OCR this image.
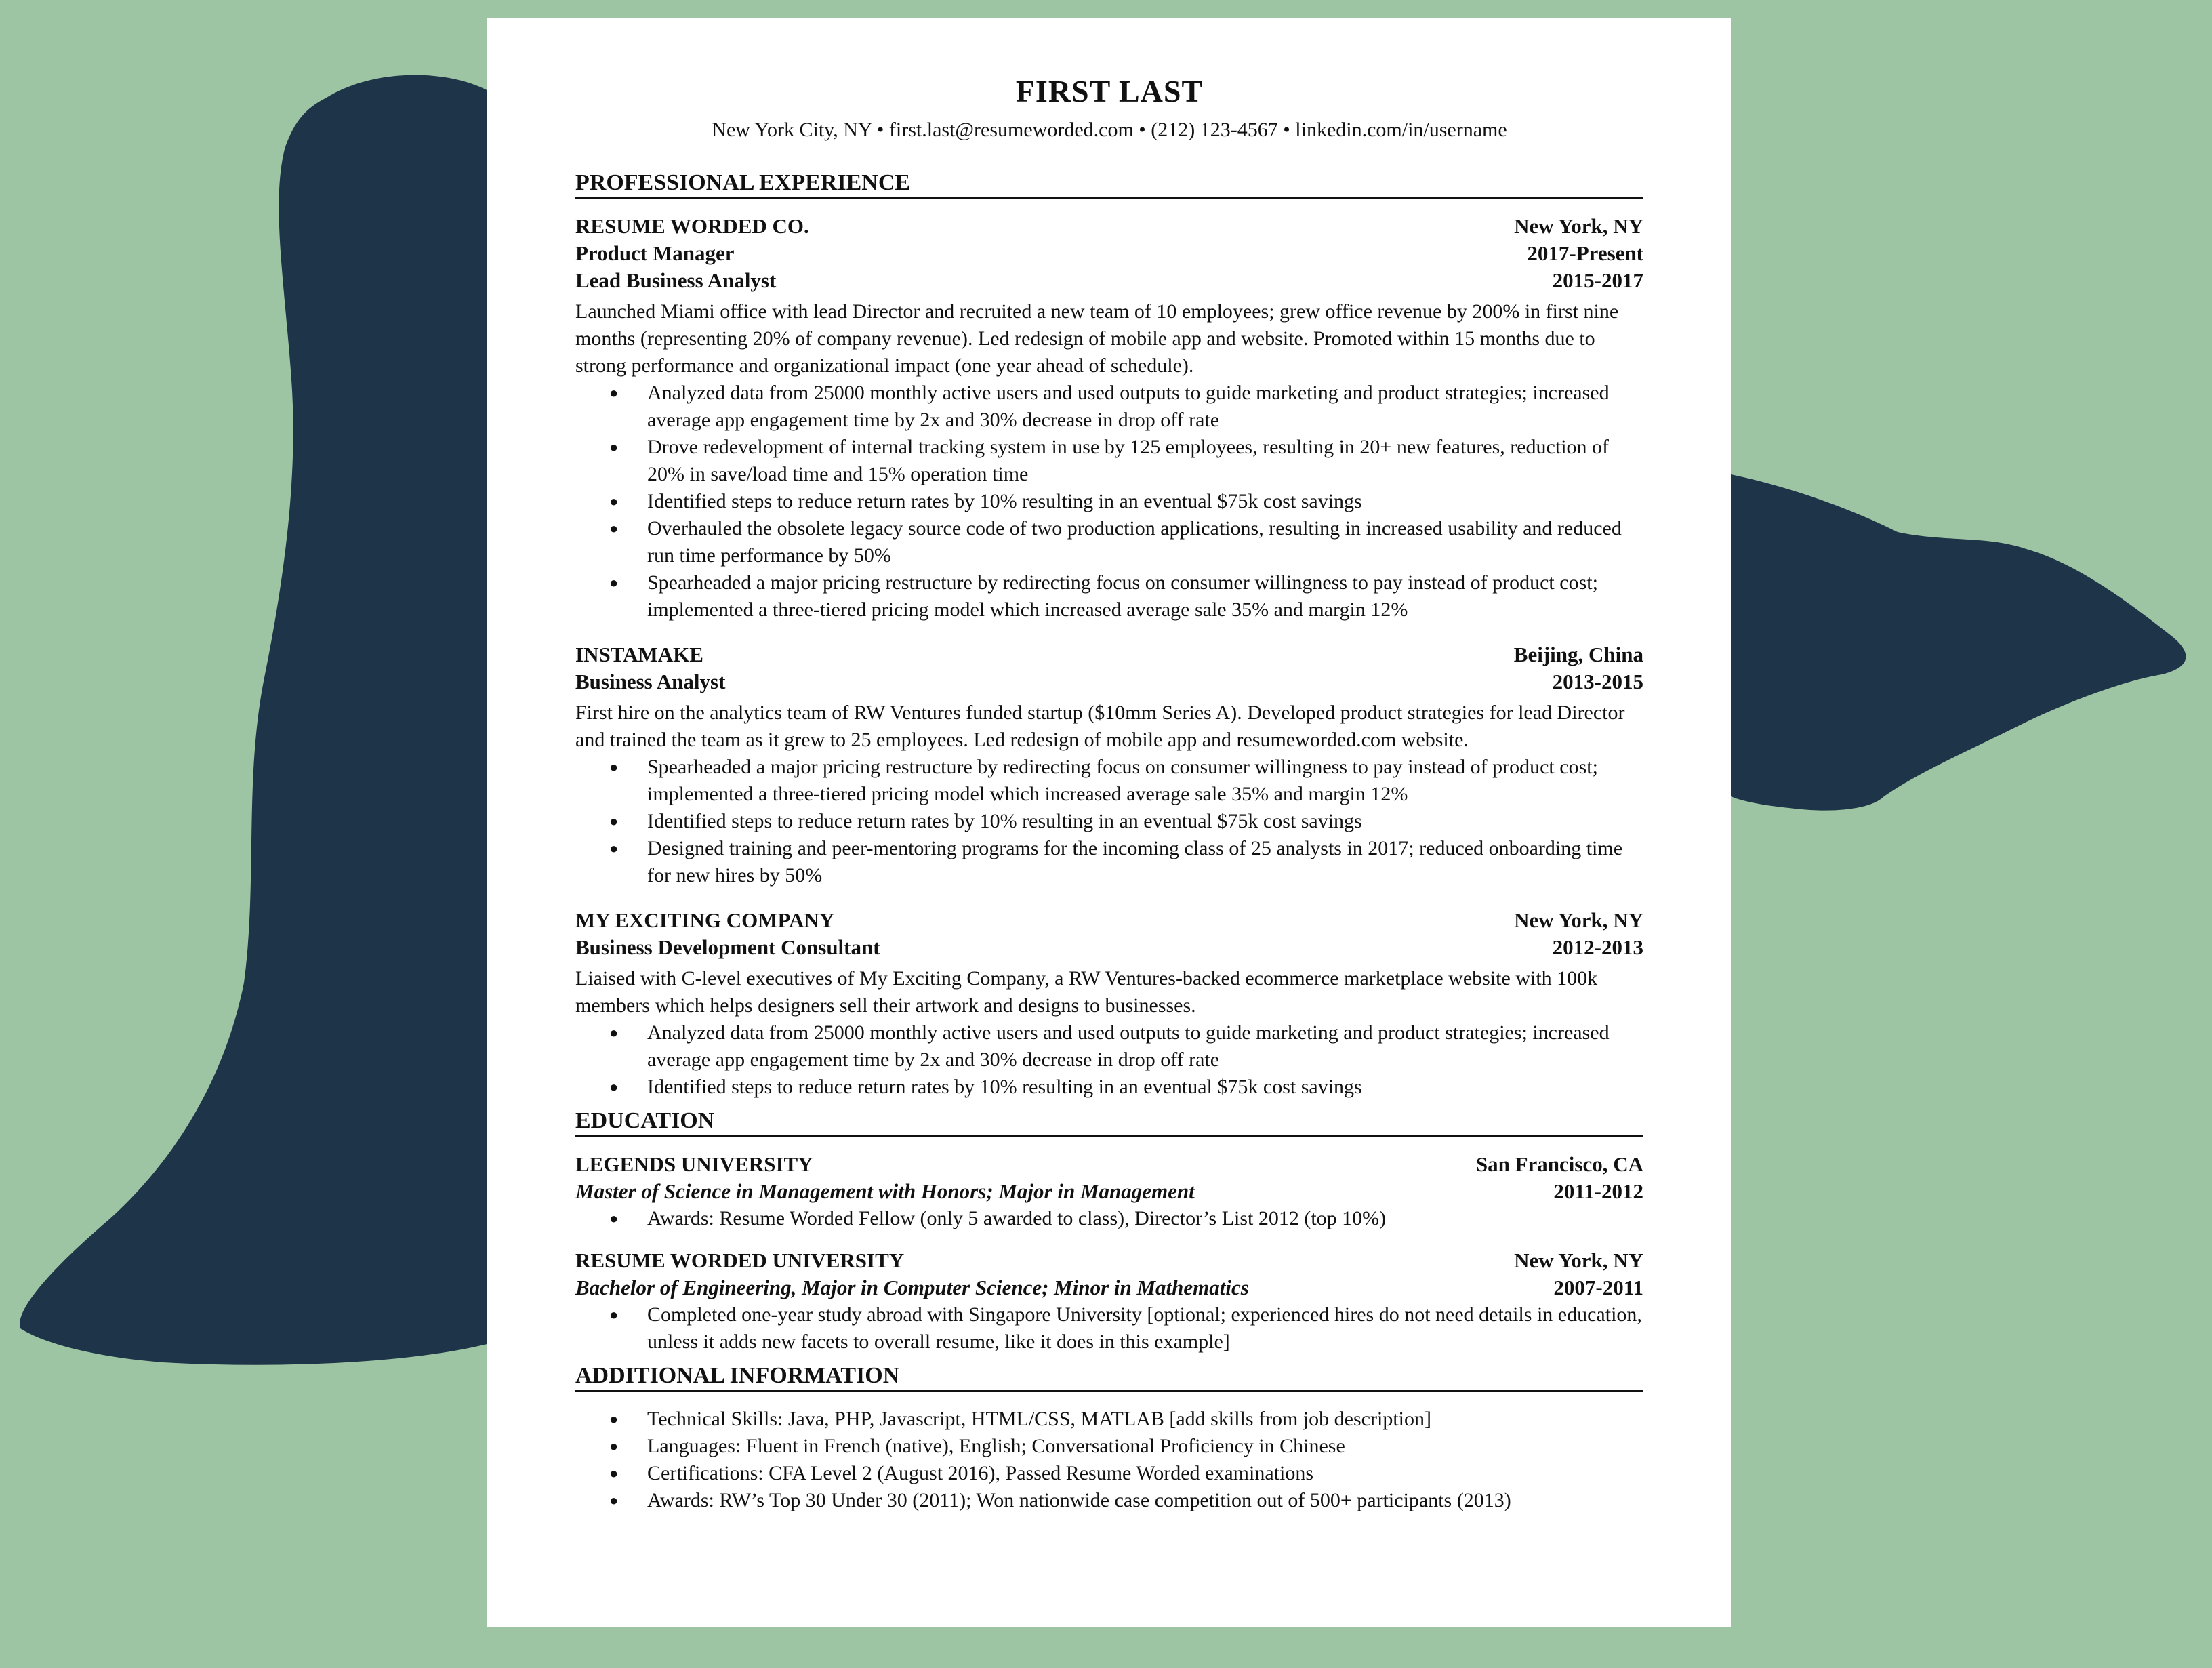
FIRST LAST
New York City, NY • first.last@resumeworded.com • (212) 123-4567 • linkedin.com/in/username
PROFESSIONAL EXPERIENCE
RESUME WORDED CO.	New York, NY
Product Manager	2017-Present
Lead Business Analyst	2015-2017
Launched Miami office with lead Director and recruited a new team of 10 employees; grew office revenue by 200% in first nine months (representing 20% of company revenue). Led redesign of mobile app and website. Promoted within 15 months due to strong performance and organizational impact (one year ahead of schedule).
● Analyzed data from 25000 monthly active users and used outputs to guide marketing and product strategies; increased average app engagement time by 2x and 30% decrease in drop off rate
● Drove redevelopment of internal tracking system in use by 125 employees, resulting in 20+ new features, reduction of 20% in save/load time and 15% operation time
● Identified steps to reduce return rates by 10% resulting in an eventual $75k cost savings
● Overhauled the obsolete legacy source code of two production applications, resulting in increased usability and reduced run time performance by 50%
● Spearheaded a major pricing restructure by redirecting focus on consumer willingness to pay instead of product cost; implemented a three-tiered pricing model which increased average sale 35% and margin 12%
INSTAMAKE	Beijing, China
Business Analyst	2013-2015
First hire on the analytics team of RW Ventures funded startup ($10mm Series A). Developed product strategies for lead Director and trained the team as it grew to 25 employees. Led redesign of mobile app and resumeworded.com website.
● Spearheaded a major pricing restructure by redirecting focus on consumer willingness to pay instead of product cost; implemented a three-tiered pricing model which increased average sale 35% and margin 12%
● Identified steps to reduce return rates by 10% resulting in an eventual $75k cost savings
● Designed training and peer-mentoring programs for the incoming class of 25 analysts in 2017; reduced onboarding time for new hires by 50%
MY EXCITING COMPANY	New York, NY
Business Development Consultant	2012-2013
Liaised with C-level executives of My Exciting Company, a RW Ventures-backed ecommerce marketplace website with 100k members which helps designers sell their artwork and designs to businesses.
● Analyzed data from 25000 monthly active users and used outputs to guide marketing and product strategies; increased average app engagement time by 2x and 30% decrease in drop off rate
● Identified steps to reduce return rates by 10% resulting in an eventual $75k cost savings
EDUCATION
LEGENDS UNIVERSITY	San Francisco, CA
Master of Science in Management with Honors; Major in Management	2011-2012
● Awards: Resume Worded Fellow (only 5 awarded to class), Director’s List 2012 (top 10%)
RESUME WORDED UNIVERSITY	New York, NY
Bachelor of Engineering, Major in Computer Science; Minor in Mathematics	2007-2011
● Completed one-year study abroad with Singapore University [optional; experienced hires do not need details in education, unless it adds new facets to overall resume, like it does in this example]
ADDITIONAL INFORMATION
● Technical Skills: Java, PHP, Javascript, HTML/CSS, MATLAB [add skills from job description]
● Languages: Fluent in French (native), English; Conversational Proficiency in Chinese
● Certifications: CFA Level 2 (August 2016), Passed Resume Worded examinations
● Awards: RW’s Top 30 Under 30 (2011); Won nationwide case competition out of 500+ participants (2013)
